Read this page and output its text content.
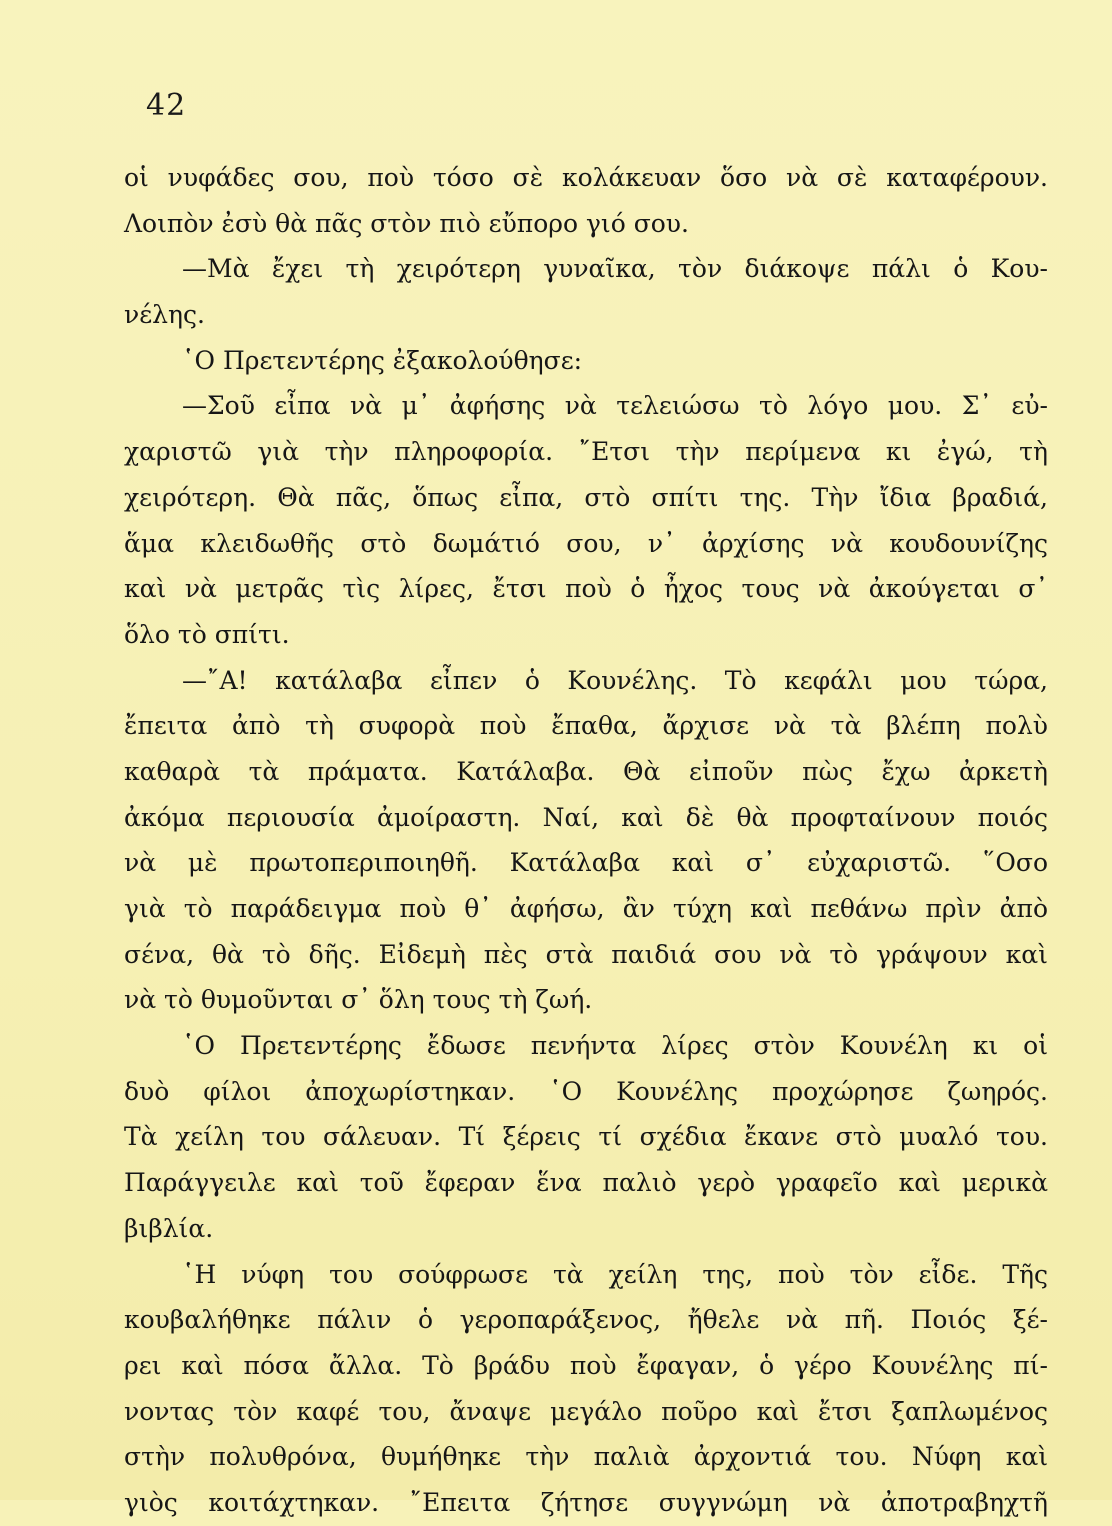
42
οἱ νυφάδες σου, ποὺ τόσο σὲ κολάκευαν ὅσο νὰ σὲ καταφέρουν.
Λοιπὸν ἐσὺ θὰ πᾶς στὸν πιὸ εὔπορο γιό σου.
—Μὰ ἔχει τὴ χειρότερη γυναῖκα, τὸν διάκοψε πάλι ὁ Κου-
νέλης.
῾Ο Πρετεντέρης ἐξακολούθησε:
—Σοῦ εἶπα νὰ μ᾿ ἀφήσης νὰ τελειώσω τὸ λόγο μου. Σ᾿ εὐ-
χαριστῶ γιὰ τὴν πληροφορία. ῎Ετσι τὴν περίμενα κι ἐγώ, τὴ
χειρότερη. Θὰ πᾶς, ὅπως εἶπα, στὸ σπίτι της. Τὴν ἴδια βραδιά,
ἅμα κλειδωθῆς στὸ δωμάτιό σου, ν᾿ ἀρχίσης νὰ κουδουνίζης
καὶ νὰ μετρᾶς τὶς λίρες, ἔτσι ποὺ ὁ ἦχος τους νὰ ἀκούγεται σ᾿
ὅλο τὸ σπίτι.
—῎Α! κατάλαβα εἶπεν ὁ Κουνέλης. Τὸ κεφάλι μου τώρα,
ἔπειτα ἀπὸ τὴ συφορὰ ποὺ ἔπαθα, ἄρχισε νὰ τὰ βλέπη πολὺ
καθαρὰ τὰ πράματα. Κατάλαβα. Θὰ εἰποῦν πὼς ἔχω ἀρκετὴ
ἀκόμα περιουσία ἀμοίραστη. Ναί, καὶ δὲ θὰ προφταίνουν ποιός
νὰ μὲ πρωτοπεριποιηθῆ. Κατάλαβα καὶ σ᾿ εὐχαριστῶ. ῞Οσο
γιὰ τὸ παράδειγμα ποὺ θ᾿ ἀφήσω, ἂν τύχη καὶ πεθάνω πρὶν ἀπὸ
σένα, θὰ τὸ δῆς. Εἰδεμὴ πὲς στὰ παιδιά σου νὰ τὸ γράψουν καὶ
νὰ τὸ θυμοῦνται σ᾿ ὅλη τους τὴ ζωή.
῾Ο Πρετεντέρης ἔδωσε πενήντα λίρες στὸν Κουνέλη κι οἱ
δυὸ φίλοι ἀποχωρίστηκαν. ῾Ο Κουνέλης προχώρησε ζωηρός.
Τὰ χείλη του σάλευαν. Τί ξέρεις τί σχέδια ἔκανε στὸ μυαλό του.
Παράγγειλε καὶ τοῦ ἔφεραν ἕνα παλιὸ γερὸ γραφεῖο καὶ μερικὰ
βιβλία.
῾Η νύφη του σούφρωσε τὰ χείλη της, ποὺ τὸν εἶδε. Τῆς
κουβαλήθηκε πάλιν ὁ γεροπαράξενος, ἤθελε νὰ πῆ. Ποιός ξέ-
ρει καὶ πόσα ἄλλα. Τὸ βράδυ ποὺ ἔφαγαν, ὁ γέρο Κουνέλης πί-
νοντας τὸν καφέ του, ἄναψε μεγάλο ποῦρο καὶ ἔτσι ξαπλωμένος
στὴν πολυθρόνα, θυμήθηκε τὴν παλιὰ ἀρχοντιά του. Νύφη καὶ
γιὸς κοιτάχτηκαν. ῎Επειτα ζήτησε συγγνώμη νὰ ἀποτραβηχτῆ
